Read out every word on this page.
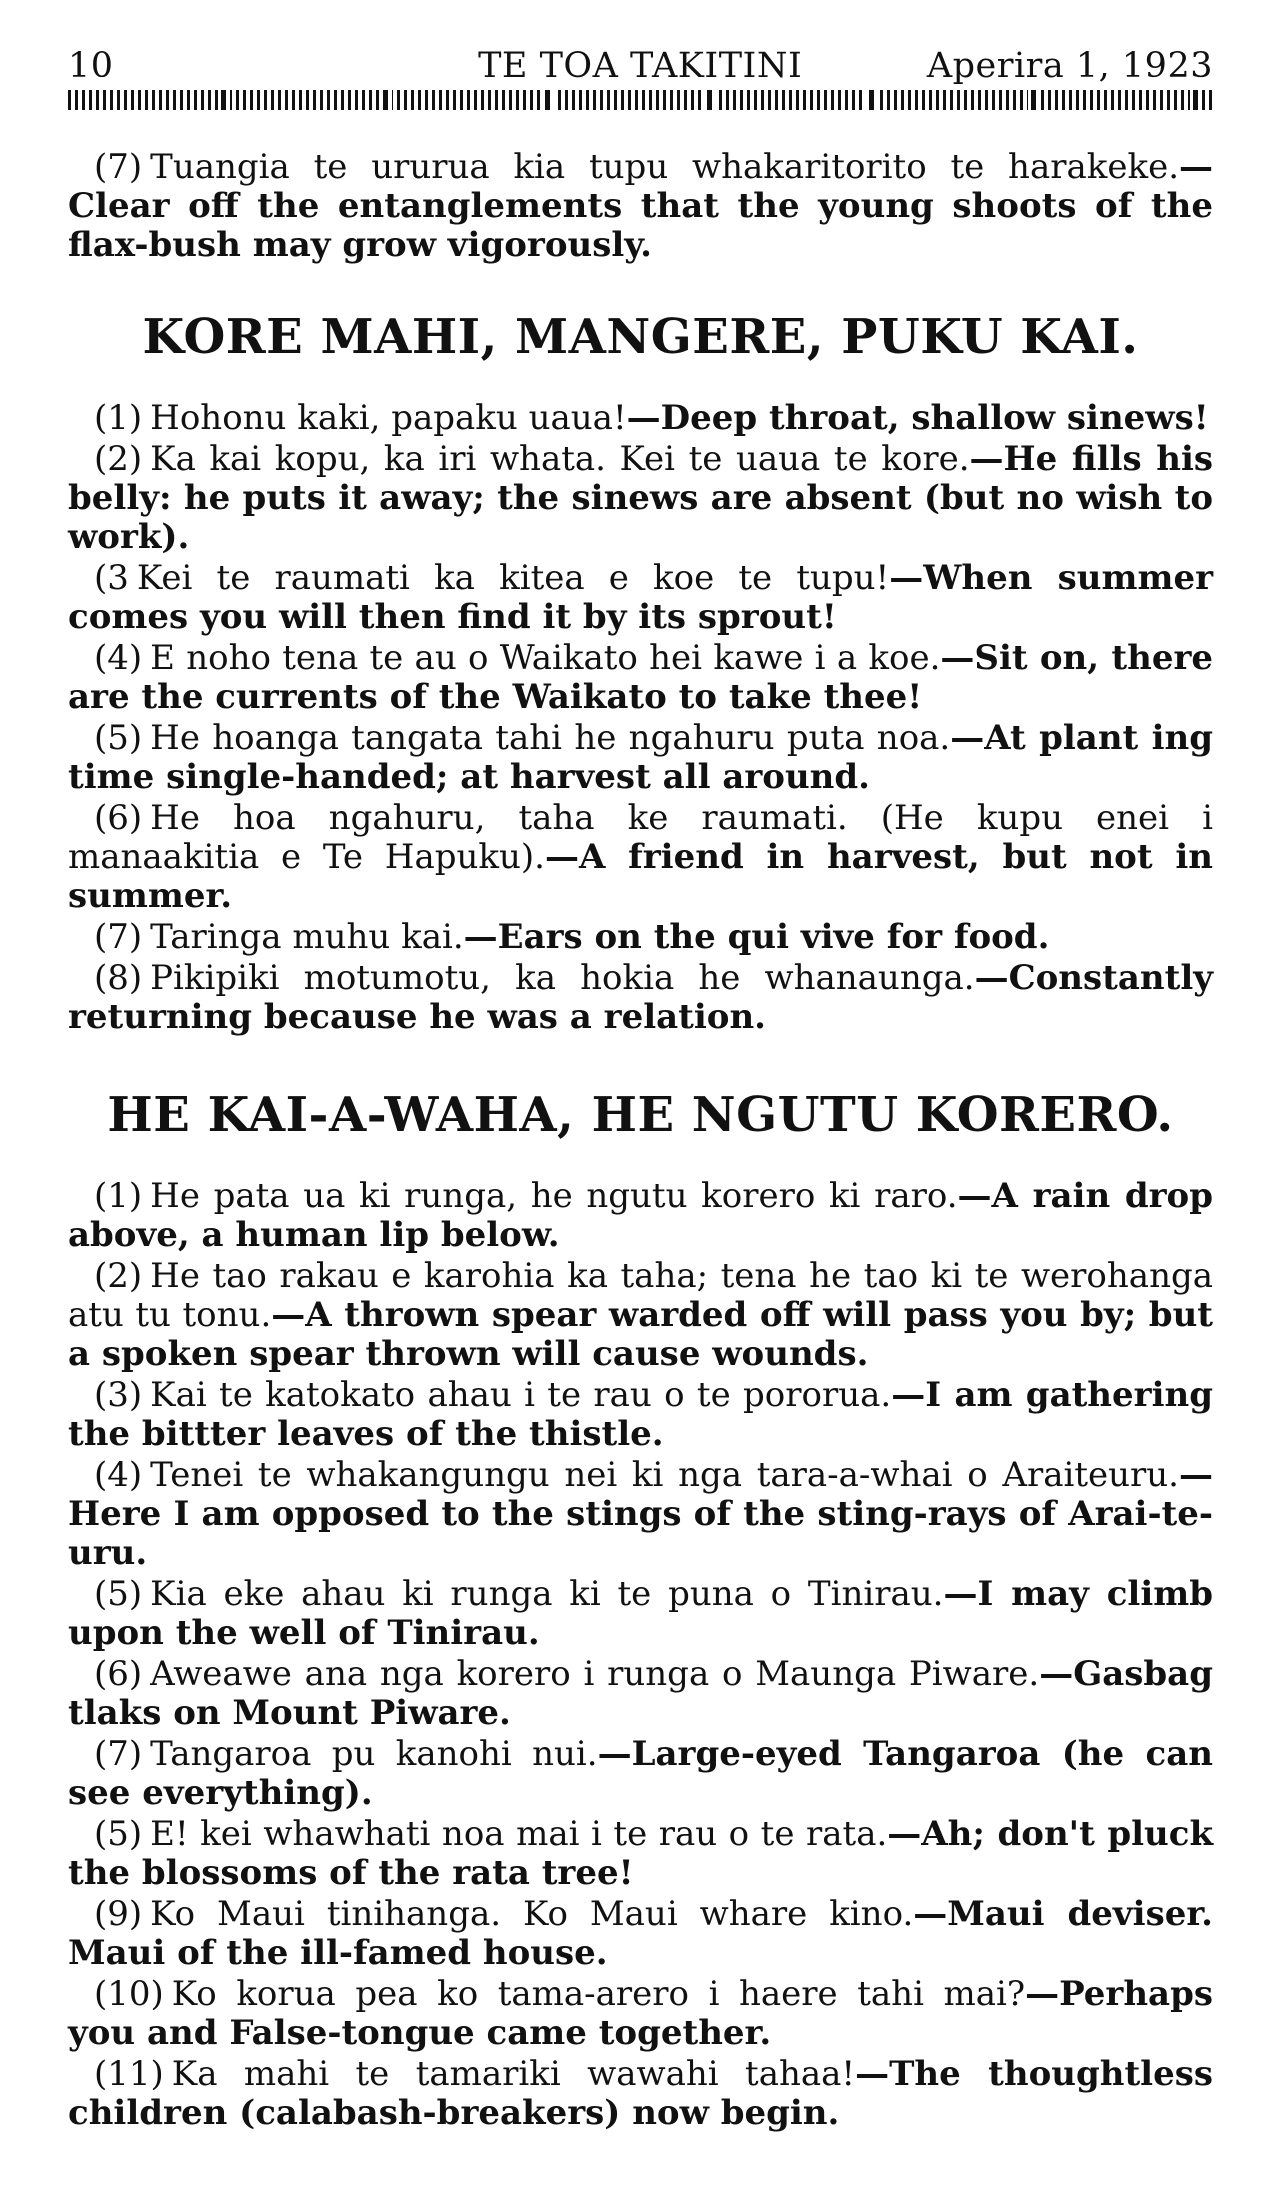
10	TE TOA TAKITINI	Aperira 1, 1923

(7) Tuangia te ururua kia tupu whakaritorito te harakeke.—Clear off the entanglements that the young shoots of the flax-bush may grow vigorously.

KORE MAHI, MANGERE, PUKU KAI.

(1) Hohonu kaki, papaku uaua!—Deep throat, shallow sinews!

(2) Ka kai kopu, ka iri whata. Kei te uaua te kore.—He fills his belly: he puts it away; the sinews are absent (but no wish to work).

(3 Kei te raumati ka kitea e koe te tupu!—When summer comes you will then find it by its sprout!

(4) E noho tena te au o Waikato hei kawe i a koe.—Sit on, there are the currents of the Waikato to take thee!

(5) He hoanga tangata tahi he ngahuru puta noa.—At plant ing time single-handed; at harvest all around.

(6) He hoa ngahuru, taha ke raumati. (He kupu enei i manaakitia e Te Hapuku).—A friend in harvest, but not in summer.

(7) Taringa muhu kai.—Ears on the qui vive for food.

(8) Pikipiki motumotu, ka hokia he whanaunga.—Constantly returning because he was a relation.

HE KAI-A-WAHA, HE NGUTU KORERO.

(1) He pata ua ki runga, he ngutu korero ki raro.—A rain drop above, a human lip below.

(2) He tao rakau e karohia ka taha; tena he tao ki te werohanga atu tu tonu.—A thrown spear warded off will pass you by; but a spoken spear thrown will cause wounds.

(3) Kai te katokato ahau i te rau o te pororua.—I am gathering the bittter leaves of the thistle.

(4) Tenei te whakangungu nei ki nga tara-a-whai o Araiteuru.—Here I am opposed to the stings of the sting-rays of Arai-te-uru.

(5) Kia eke ahau ki runga ki te puna o Tinirau.—I may climb upon the well of Tinirau.

(6) Aweawe ana nga korero i runga o Maunga Piware.—Gasbag tlaks on Mount Piware.

(7) Tangaroa pu kanohi nui.—Large-eyed Tangaroa (he can see everything).

(5) E! kei whawhati noa mai i te rau o te rata.—Ah; don't pluck the blossoms of the rata tree!

(9) Ko Maui tinihanga. Ko Maui whare kino.—Maui deviser. Maui of the ill-famed house.

(10) Ko korua pea ko tama-arero i haere tahi mai?—Perhaps you and False-tongue came together.

(11) Ka mahi te tamariki wawahi tahaa!—The thoughtless children (calabash-breakers) now begin.
